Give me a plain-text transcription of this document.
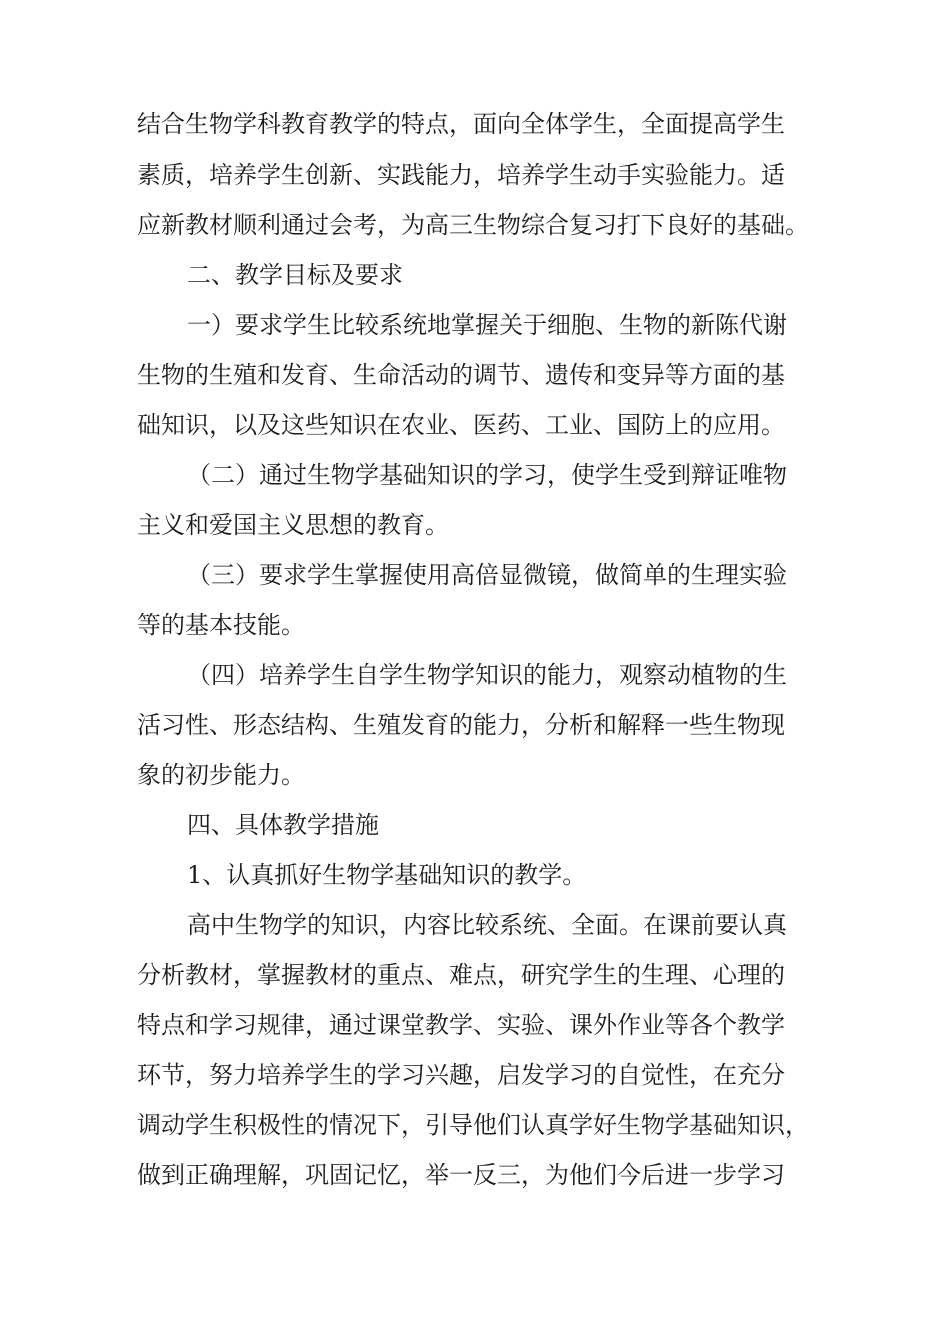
结合生物学科教育教学的特点，面向全体学生，全面提高学生
素质，培养学生创新、实践能力，培养学生动手实验能力。适
应新教材顺利通过会考，为高三生物综合复习打下良好的基础。
二、教学目标及要求
一）要求学生比较系统地掌握关于细胞、生物的新陈代谢
生物的生殖和发育、生命活动的调节、遗传和变异等方面的基
础知识，以及这些知识在农业、医药、工业、国防上的应用。
（二）通过生物学基础知识的学习，使学生受到辩证唯物
主义和爱国主义思想的教育。
（三）要求学生掌握使用高倍显微镜，做简单的生理实验
等的基本技能。
（四）培养学生自学生物学知识的能力，观察动植物的生
活习性、形态结构、生殖发育的能力，分析和解释一些生物现
象的初步能力。
四、具体教学措施
1、认真抓好生物学基础知识的教学。
高中生物学的知识，内容比较系统、全面。在课前要认真
分析教材，掌握教材的重点、难点，研究学生的生理、心理的
特点和学习规律，通过课堂教学、实验、课外作业等各个教学
环节，努力培养学生的学习兴趣，启发学习的自觉性，在充分
调动学生积极性的情况下，引导他们认真学好生物学基础知识，
做到正确理解，巩固记忆，举一反三，为他们今后进一步学习
